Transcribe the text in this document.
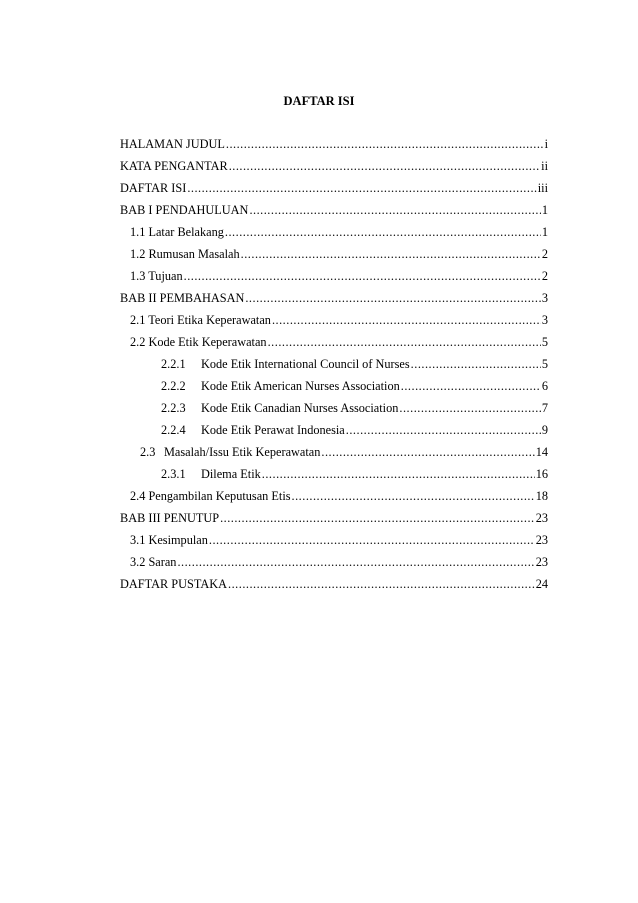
DAFTAR ISI
HALAMAN JUDUL .....	i
KATA PENGANTAR .....	ii
DAFTAR ISI .....	iii
BAB I PENDAHULUAN .....	1
1.1 Latar Belakang .....	1
1.2 Rumusan Masalah .....	2
1.3 Tujuan .....	2
BAB II PEMBAHASAN .....	3
2.1 Teori Etika Keperawatan .....	3
2.2 Kode Etik Keperawatan .....	5
2.2.1	Kode Etik International Council of Nurses .....	5
2.2.2	Kode Etik American Nurses Association .....	6
2.2.3	Kode Etik Canadian Nurses Association .....	7
2.2.4	Kode Etik Perawat Indonesia .....	9
2.3 Masalah/Issu Etik Keperawatan .....	14
2.3.1	Dilema Etik .....	16
2.4 Pengambilan Keputusan Etis .....	18
BAB III PENUTUP .....	23
3.1 Kesimpulan .....	23
3.2 Saran .....	23
DAFTAR PUSTAKA .....	24
